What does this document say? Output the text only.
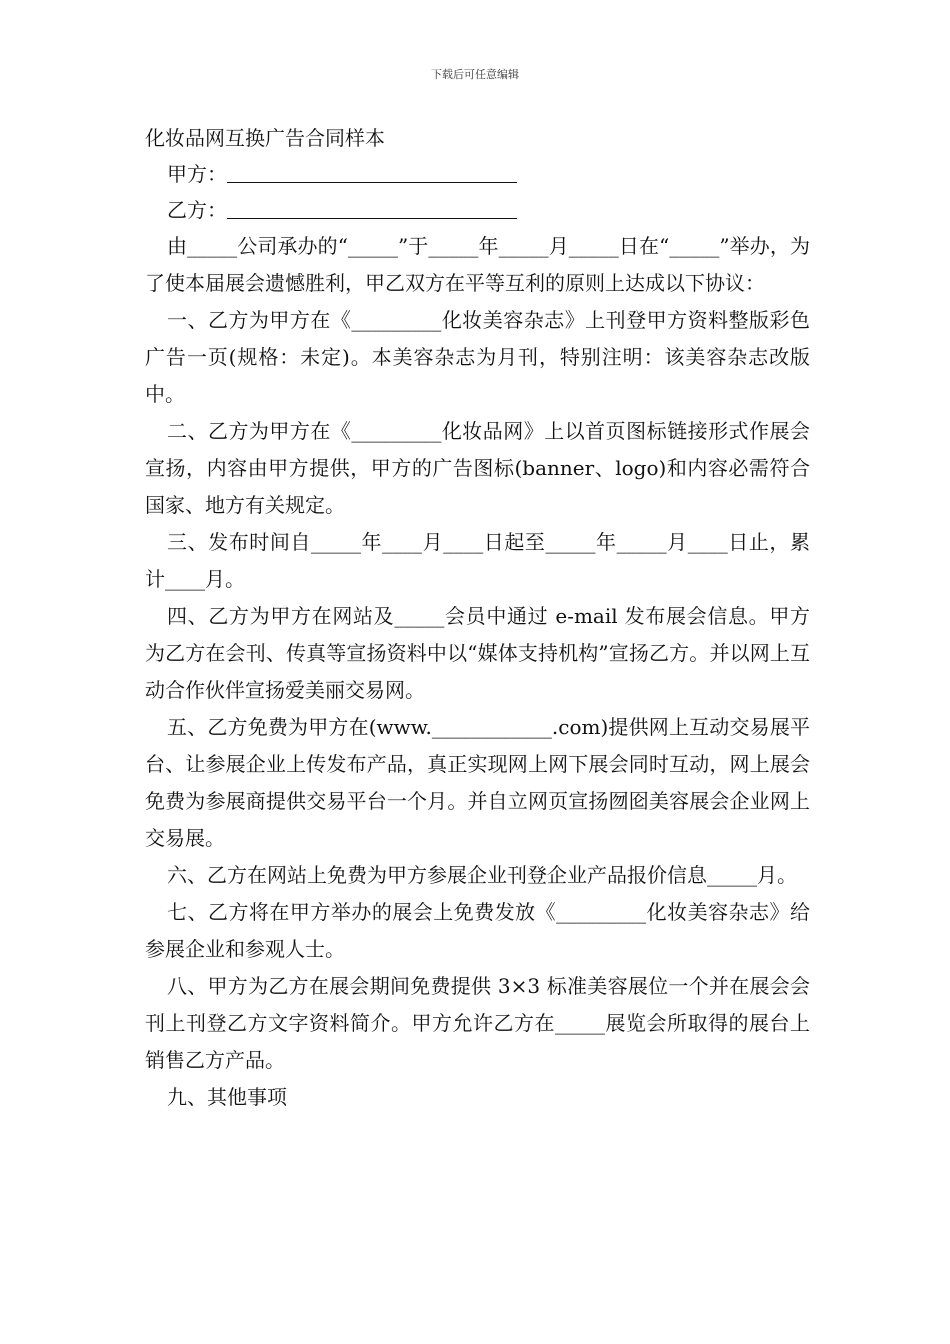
下载后可任意编辑

化妆品网互换广告合同样本

甲方：

乙方：

由_____公司承办的“_____”于_____年_____月_____日在“_____”举办，为了使本届展会遗憾胜利，甲乙双方在平等互利的原则上达成以下协议：

一、乙方为甲方在《_________化妆美容杂志》上刊登甲方资料整版彩色广告一页(规格：未定)。本美容杂志为月刊，特别注明：该美容杂志改版中。

二、乙方为甲方在《_________化妆品网》上以首页图标链接形式作展会宣扬，内容由甲方提供，甲方的广告图标(banner、logo)和内容必需符合国家、地方有关规定。

三、发布时间自_____年____月____日起至_____年_____月____日止，累计____月。

四、乙方为甲方在网站及_____会员中通过 e-mail 发布展会信息。甲方为乙方在会刊、传真等宣扬资料中以“媒体支持机构”宣扬乙方。并以网上互动合作伙伴宣扬爱美丽交易网。

五、乙方免费为甲方在(www.____________.com)提供网上互动交易展平台、让参展企业上传发布产品，真正实现网上网下展会同时互动，网上展会免费为参展商提供交易平台一个月。并自立网页宣扬囫囵美容展会企业网上交易展。

六、乙方在网站上免费为甲方参展企业刊登企业产品报价信息_____月。

七、乙方将在甲方举办的展会上免费发放《_________化妆美容杂志》给参展企业和参观人士。

八、甲方为乙方在展会期间免费提供 3×3 标准美容展位一个并在展会会刊上刊登乙方文字资料简介。甲方允许乙方在_____展览会所取得的展台上销售乙方产品。

九、其他事项
